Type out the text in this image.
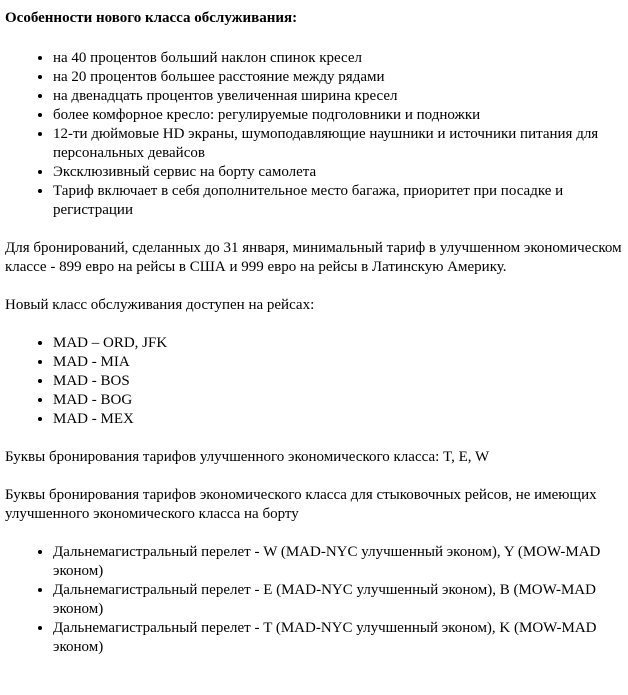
Особенности нового класса обслуживания:

• на 40 процентов больший наклон спинок кресел
• на 20 процентов большее расстояние между рядами
• на двенадцать процентов увеличенная ширина кресел
• более комфорное кресло: регулируемые подголовники и подножки
• 12-ти дюймовые HD экраны, шумоподавляющие наушники и источники питания для персональных девайсов
• Эксклюзивный сервис на борту самолета
• Тариф включает в себя дополнительное место багажа, приоритет при посадке и регистрации

Для бронирований, сделанных до 31 января, минимальный тариф в улучшенном экономическом классе - 899 евро на рейсы в США и 999 евро на рейсы в Латинскую Америку.

Новый класс обслуживания доступен на рейсах:

• MAD – ORD, JFK
• MAD - MIA
• MAD - BOS
• MAD - BOG
• MAD - MEX

Буквы бронирования тарифов улучшенного экономического класса: T, E, W

Буквы бронирования тарифов экономического класса для стыковочных рейсов, не имеющих улучшенного экономического класса на борту

• Дальнемагистральный перелет - W (MAD-NYC улучшенный эконом), Y (MOW-MAD эконом)
• Дальнемагистральный перелет - E (MAD-NYC улучшенный эконом), B (MOW-MAD эконом)
• Дальнемагистральный перелет - T (MAD-NYC улучшенный эконом), K (MOW-MAD эконом)
